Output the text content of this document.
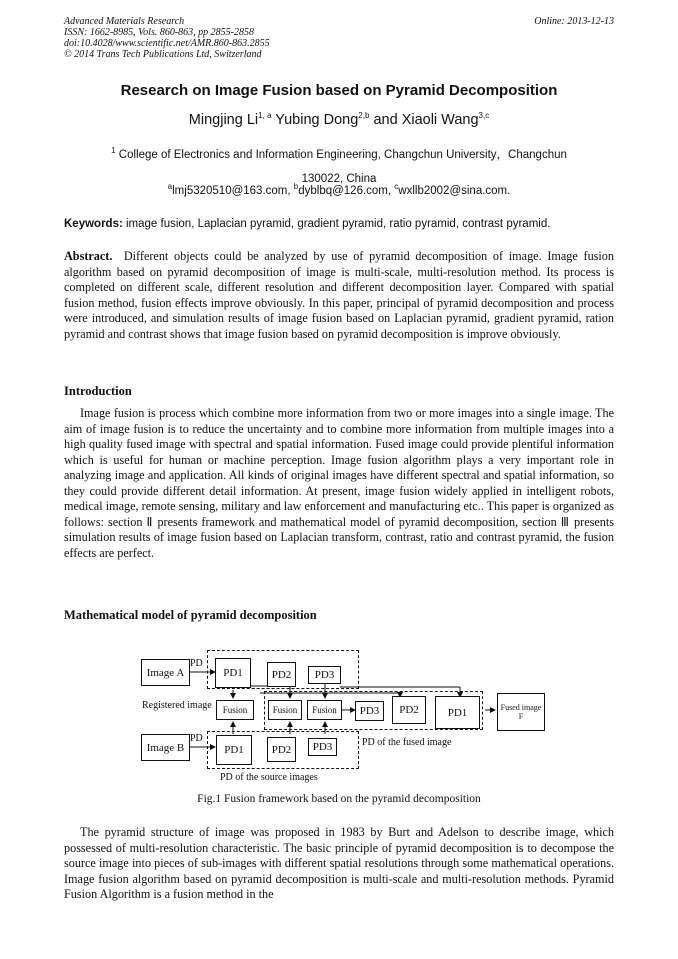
Advanced Materials Research
ISSN: 1662-8985, Vols. 860-863, pp 2855-2858
doi:10.4028/www.scientific.net/AMR.860-863.2855
© 2014 Trans Tech Publications Ltd, Switzerland
Online: 2013-12-13
Research on Image Fusion based on Pyramid Decomposition
Mingjing Li$^{1, a}$ Yubing Dong$^{2,b}$ and Xiaoli Wang$^{3,c}$
$^1$ College of Electronics and Information Engineering, Changchun University，Changchun
130022, China
$^a$lmj5320510@163.com, $^b$dyblbq@126.com, $^c$wxllb2002@sina.com.
Keywords: image fusion, Laplacian pyramid, gradient pyramid, ratio pyramid, contrast pyramid.
Abstract. Different objects could be analyzed by use of pyramid decomposition of image. Image fusion algorithm based on pyramid decomposition of image is multi-scale, multi-resolution method. Its process is completed on different scale, different resolution and different decomposition layer. Compared with spatial fusion method, fusion effects improve obviously. In this paper, principal of pyramid decomposition and process were introduced, and simulation results of image fusion based on Laplacian pyramid, gradient pyramid, ration pyramid and contrast shows that image fusion based on pyramid decomposition is improve obviously.
Introduction
Image fusion is process which combine more information from two or more images into a single image. The aim of image fusion is to reduce the uncertainty and to combine more information from multiple images into a high quality fused image with spectral and spatial information. Fused image could provide plentiful information which is useful for human or machine perception. Image fusion algorithm plays a very important role in analyzing image and application. All kinds of original images have different spectral and spatial information, so they could provide different detail information. At present, image fusion widely applied in intelligent robots, medical image, remote sensing, military and law enforcement and manufacturing etc.. This paper is organized as follows: section Ⅱ presents framework and mathematical model of pyramid decomposition, section Ⅲ presents simulation results of image fusion based on Laplacian transform, contrast, ratio and contrast pyramid, the fusion effects are perfect.
Mathematical model of pyramid decomposition
Image A
PD
Image B
PD
Registered image
PD1	PD2	PD3
PD1	PD2	PD3
Fusion	Fusion	Fusion	PD3	PD2	PD1	Fused image F
PD of the fused image
PD of the source images
Fig.1 Fusion framework based on the pyramid decomposition
The pyramid structure of image was proposed in 1983 by Burt and Adelson to describe image, which possessed of multi-resolution characteristic. The basic principle of pyramid decomposition is to decompose the source image into pieces of sub-images with different spatial resolutions through some mathematical operations. Image fusion algorithm based on pyramid decomposition is multi-scale and multi-resolution methods. Pyramid Fusion Algorithm is a fusion method in the
